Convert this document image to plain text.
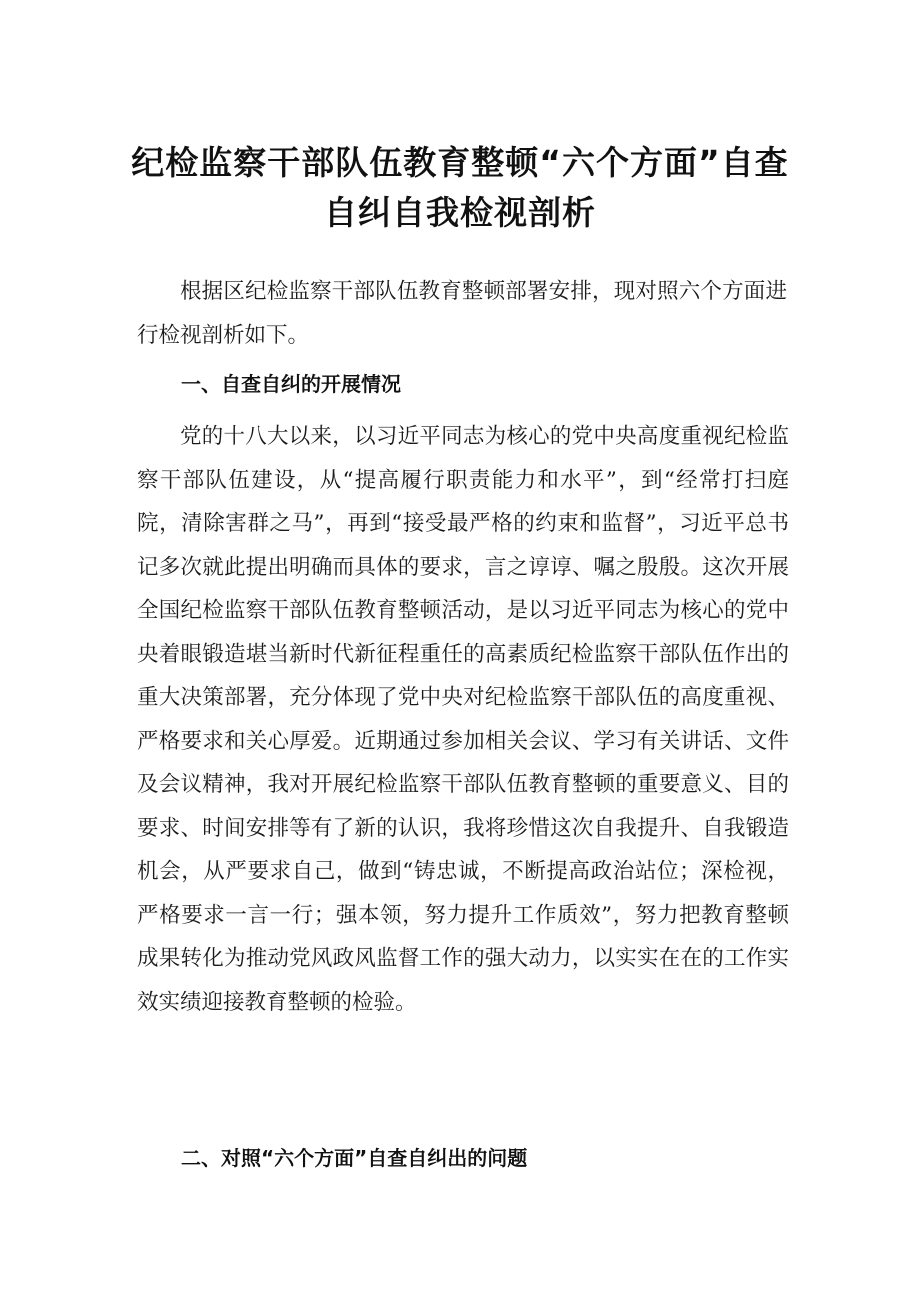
纪检监察干部队伍教育整顿“六个方面”自查
自纠自我检视剖析

根据区纪检监察干部队伍教育整顿部署安排，现对照六个方面进行检视剖析如下。

一、自查自纠的开展情况

党的十八大以来，以习近平同志为核心的党中央高度重视纪检监察干部队伍建设，从“提高履行职责能力和水平”，到“经常打扫庭院，清除害群之马”，再到“接受最严格的约束和监督”，习近平总书记多次就此提出明确而具体的要求，言之谆谆、嘱之殷殷。这次开展全国纪检监察干部队伍教育整顿活动，是以习近平同志为核心的党中央着眼锻造堪当新时代新征程重任的高素质纪检监察干部队伍作出的重大决策部署，充分体现了党中央对纪检监察干部队伍的高度重视、严格要求和关心厚爱。近期通过参加相关会议、学习有关讲话、文件及会议精神，我对开展纪检监察干部队伍教育整顿的重要意义、目的要求、时间安排等有了新的认识，我将珍惜这次自我提升、自我锻造机会，从严要求自己，做到“铸忠诚，不断提高政治站位；深检视，严格要求一言一行；强本领，努力提升工作质效”，努力把教育整顿成果转化为推动党风政风监督工作的强大动力，以实实在在的工作实效实绩迎接教育整顿的检验。

二、对照“六个方面”自查自纠出的问题
